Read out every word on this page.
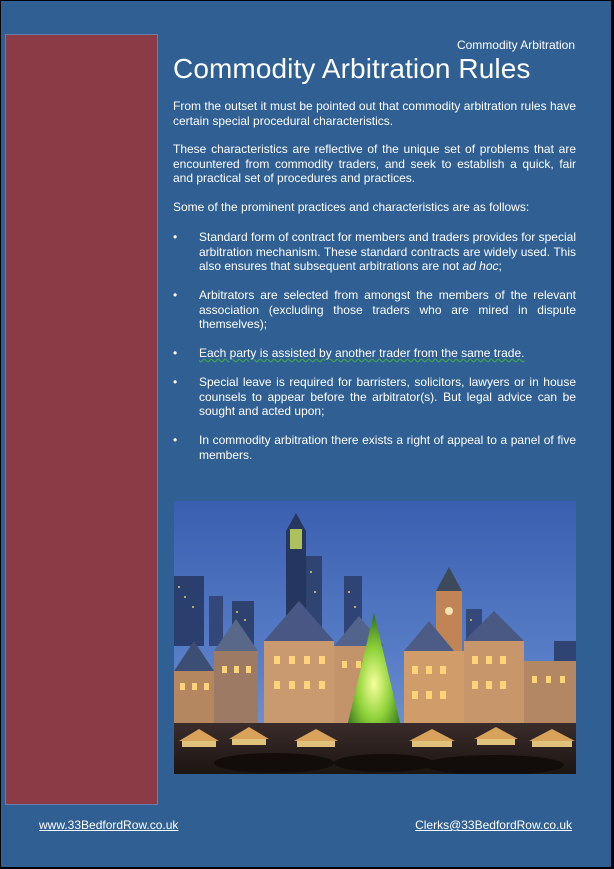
Commodity Arbitration
Commodity Arbitration Rules

From the outset it must be pointed out that commodity arbitration rules have certain special procedural characteristics.

These characteristics are reflective of the unique set of problems that are encountered from commodity traders, and seek to establish a quick, fair and practical set of procedures and practices.

Some of the prominent practices and characteristics are as follows:

• Standard form of contract for members and traders provides for special arbitration mechanism. These standard contracts are widely used. This also ensures that subsequent arbitrations are not ad hoc;
• Arbitrators are selected from amongst the members of the relevant association (excluding those traders who are mired in dispute themselves);
• Each party is assisted by another trader from the same trade.
• Special leave is required for barristers, solicitors, lawyers or in house counsels to appear before the arbitrator(s). But legal advice can be sought and acted upon;
• In commodity arbitration there exists a right of appeal to a panel of five members.
www.33BedfordRow.co.uk	Clerks@33BedfordRow.co.uk
